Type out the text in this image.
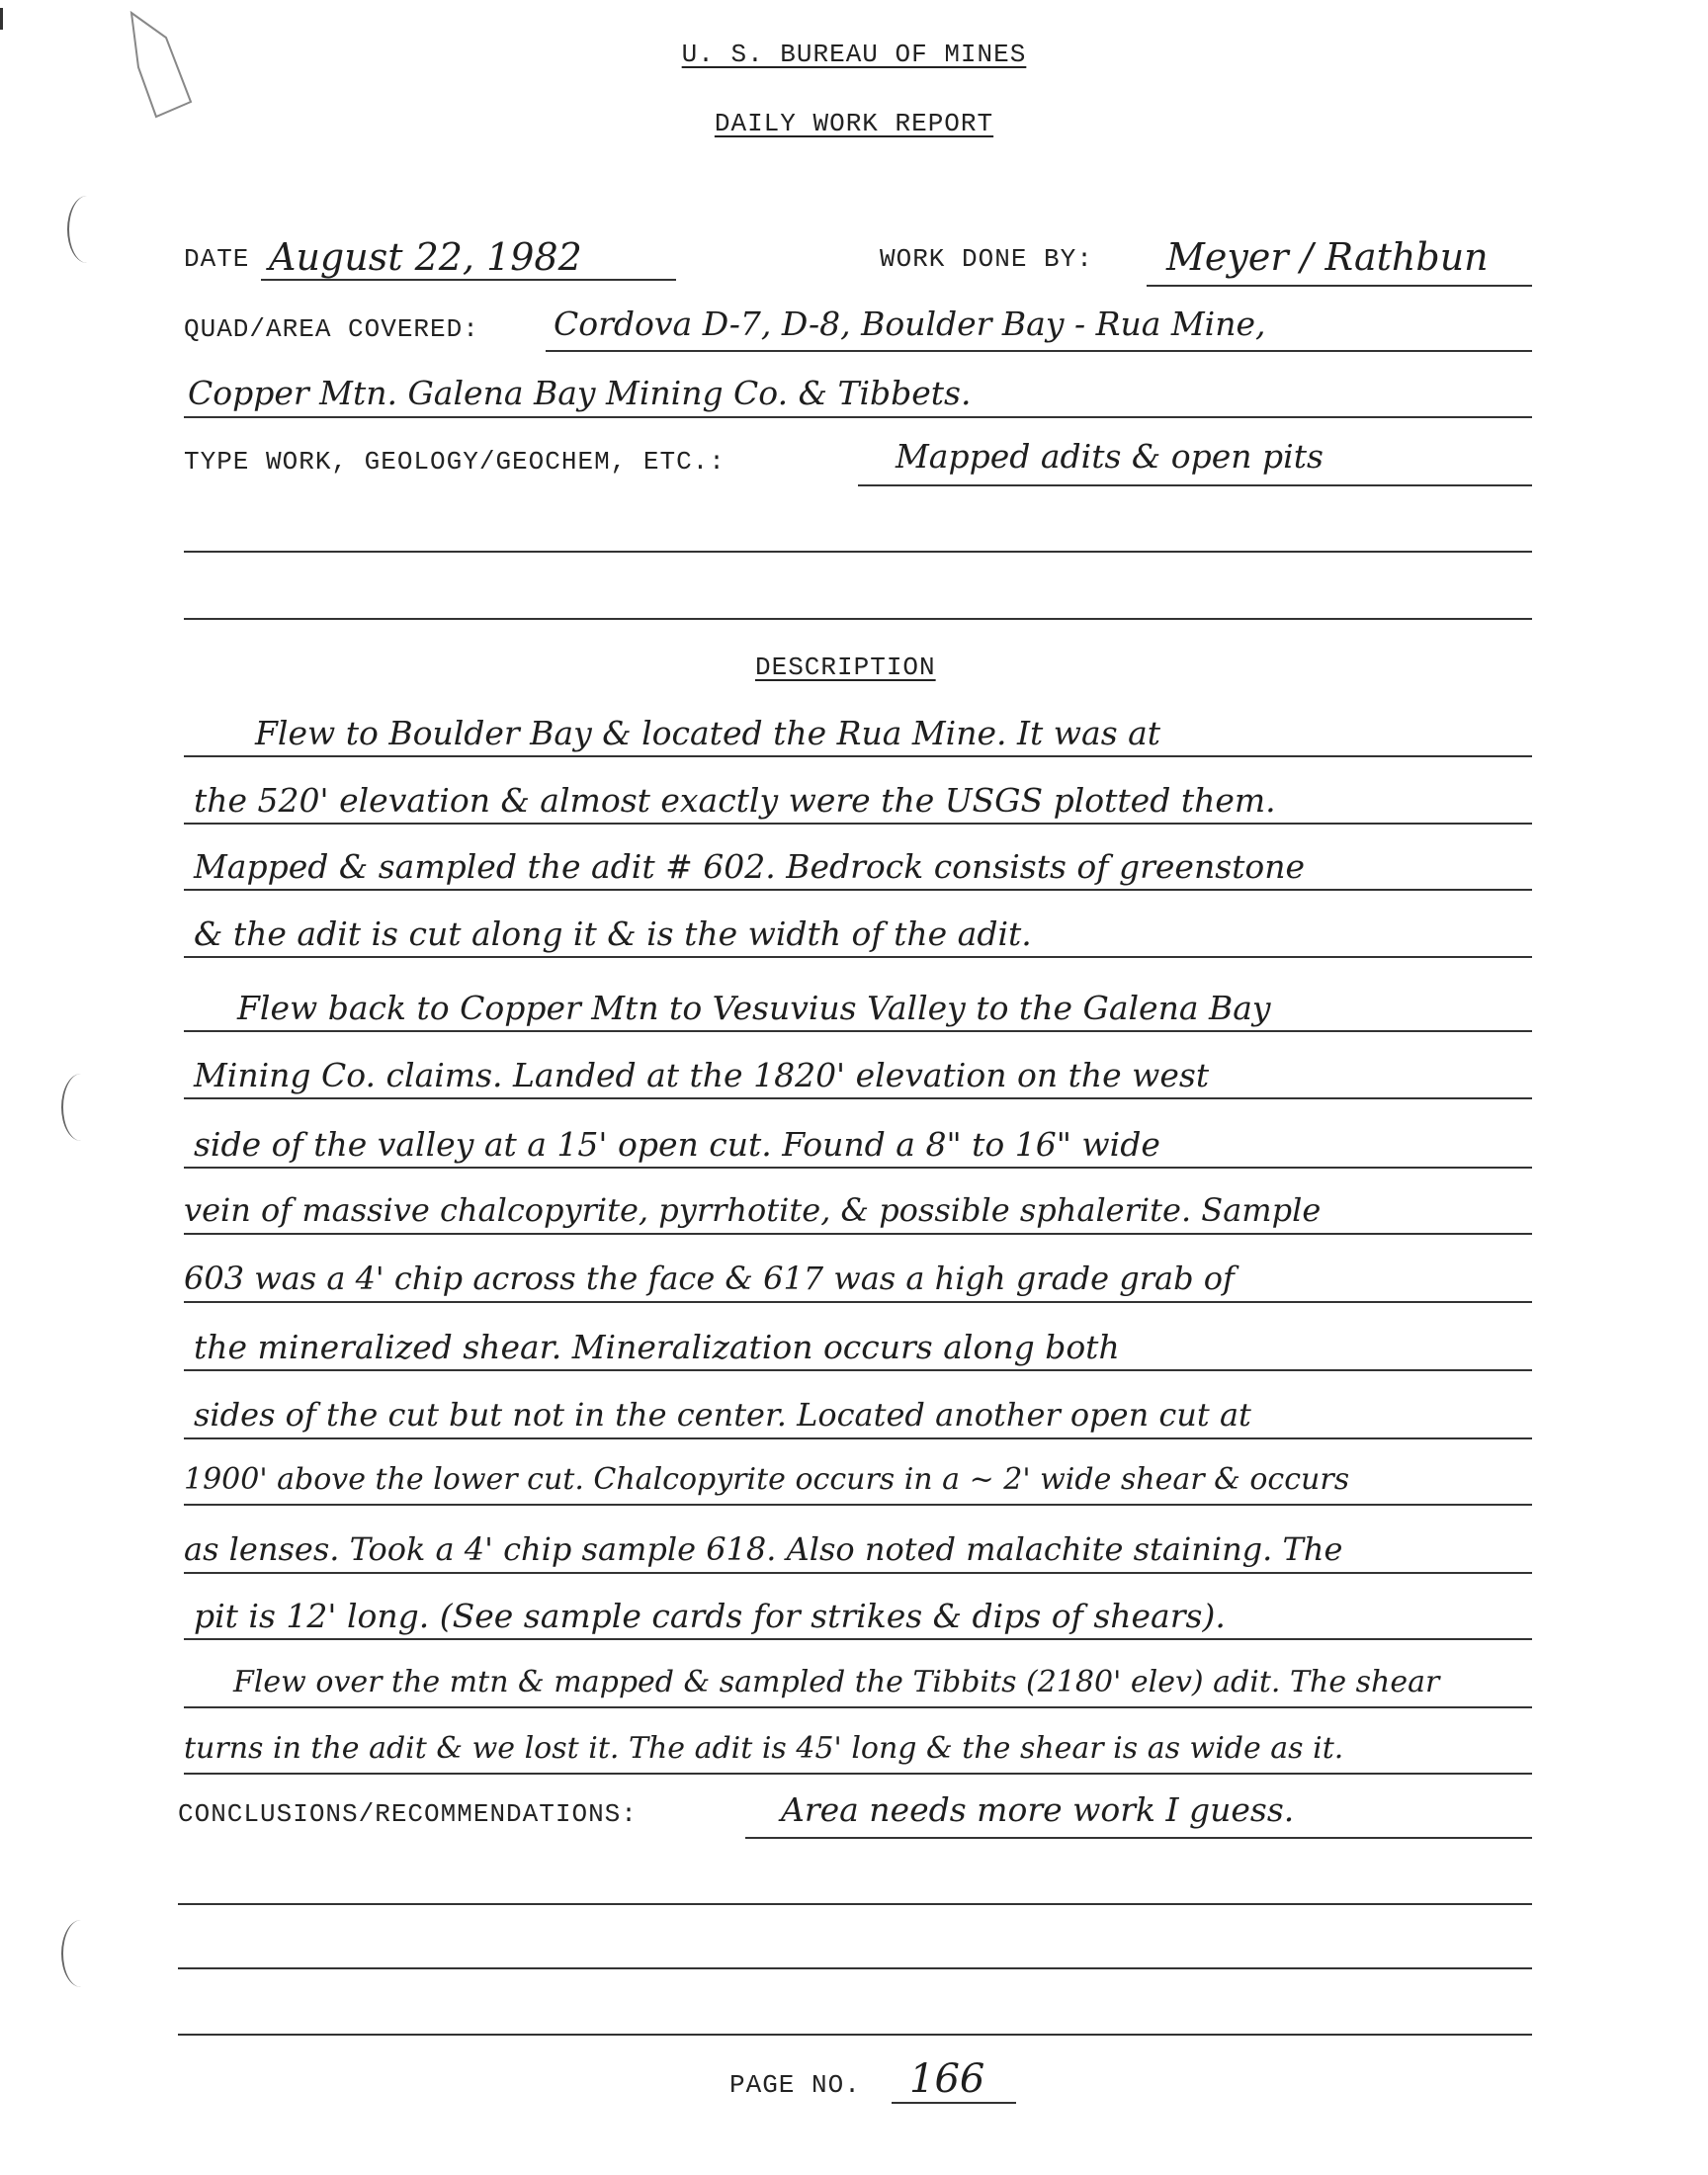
U. S. BUREAU OF MINES
DAILY WORK REPORT
DATE August 22, 1982	WORK DONE BY: Meyer / Rathbun
QUAD/AREA COVERED: Cordova D-7, D-8, Boulder Bay - Rua Mine,
Copper Mtn. Galena Bay Mining Co. & Tibbets.
TYPE WORK, GEOLOGY/GEOCHEM, ETC.:	Mapped adits & open pits
DESCRIPTION
Flew to Boulder Bay & located the Rua Mine. It was at
the 520' elevation & almost exactly were the USGS plotted them.
Mapped & sampled the adit # 602. Bedrock consists of greenstone
& the adit is cut along it & is the width of the adit.
Flew back to Copper Mtn to Vesuvius Valley to the Galena Bay
Mining Co. claims. Landed at the 1820' elevation on the west
side of the valley at a 15' open cut. Found a 8" to 16" wide
vein of massive chalcopyrite, pyrrhotite, & possible sphalerite. Sample
603 was a 4' chip across the face & 617 was a high grade grab of
the mineralized shear. Mineralization occurs along both
sides of the cut but not in the center. Located another open cut at
1900' above the lower cut. Chalcopyrite occurs in a ~ 2' wide shear & occurs
as lenses. Took a 4' chip sample 618. Also noted malachite staining. The
pit is 12' long. (See sample cards for strikes & dips of shears).
Flew over the mtn & mapped & sampled the Tibbits (2180' elev) adit. The shear
turns in the adit & we lost it. The adit is 45' long & the shear is as wide as it.
CONCLUSIONS/RECOMMENDATIONS:	Area needs more work I guess.
PAGE NO. 166
